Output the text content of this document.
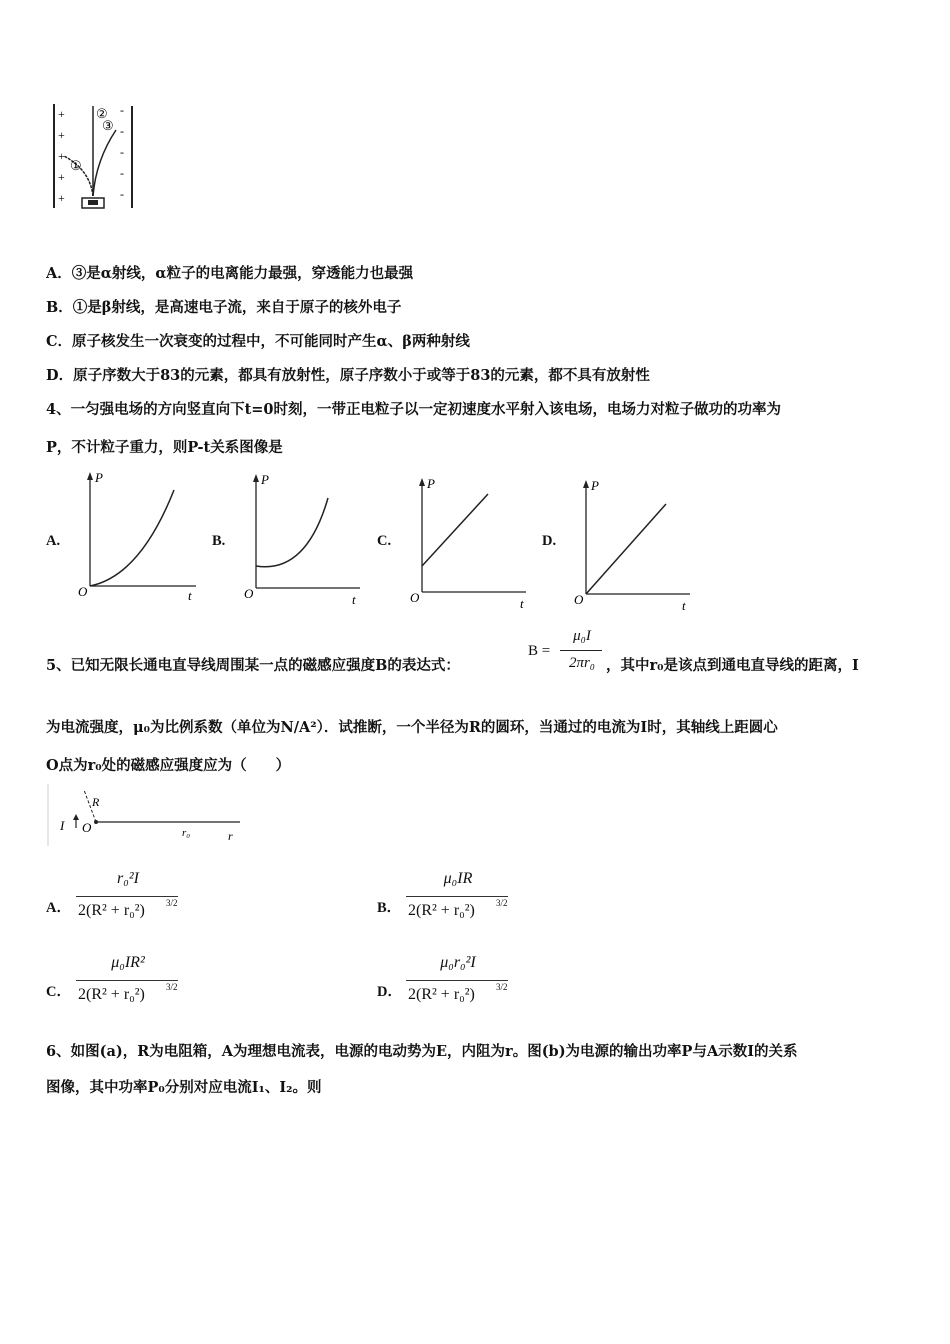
+
+
+
+
+
-
-
-
-
-
①
②
③
A．③是α射线，α粒子的电离能力最强，穿透能力也最强
B．①是β射线，是高速电子流，来自于原子的核外电子
C．原子核发生一次衰变的过程中，不可能同时产生α、β两种射线
D．原子序数大于83的元素，都具有放射性，原子序数小于或等于83的元素，都不具有放射性
4、一匀强电场的方向竖直向下t=0时刻，一带正电粒子以一定初速度水平射入该电场，电场力对粒子做功的功率为
P，不计粒子重力，则P-t关系图像是
A.
P
O	t
B.
P
O	t
C.
P
O	t
D.
P
O	t
5、已知无限长通电直导线周围某一点的磁感应强度B的表达式：
B =
μ₀I
2πr₀ ，其中r₀是该点到通电直导线的距离，I
为电流强度，μ₀为比例系数（单位为N/A²）．试推断，一个半径为R的圆环，当通过的电流为I时，其轴线上距圆心
O点为r₀处的磁感应强度应为（　　）
I O
R
r₀	r
A．
r₀²I
2(R² + r₀²) 3/2	B．
μ₀IR
2(R² + r₀²) 3/2
C．
μ₀IR²
2(R² + r₀²) 3/2	D．
μ₀r₀²I
2(R² + r₀²) 3/2
6、如图(a)，R为电阻箱，A为理想电流表，电源的电动势为E，内阻为r。图(b)为电源的输出功率P与A示数I的关系
图像，其中功率P₀分别对应电流I₁、I₂。则
